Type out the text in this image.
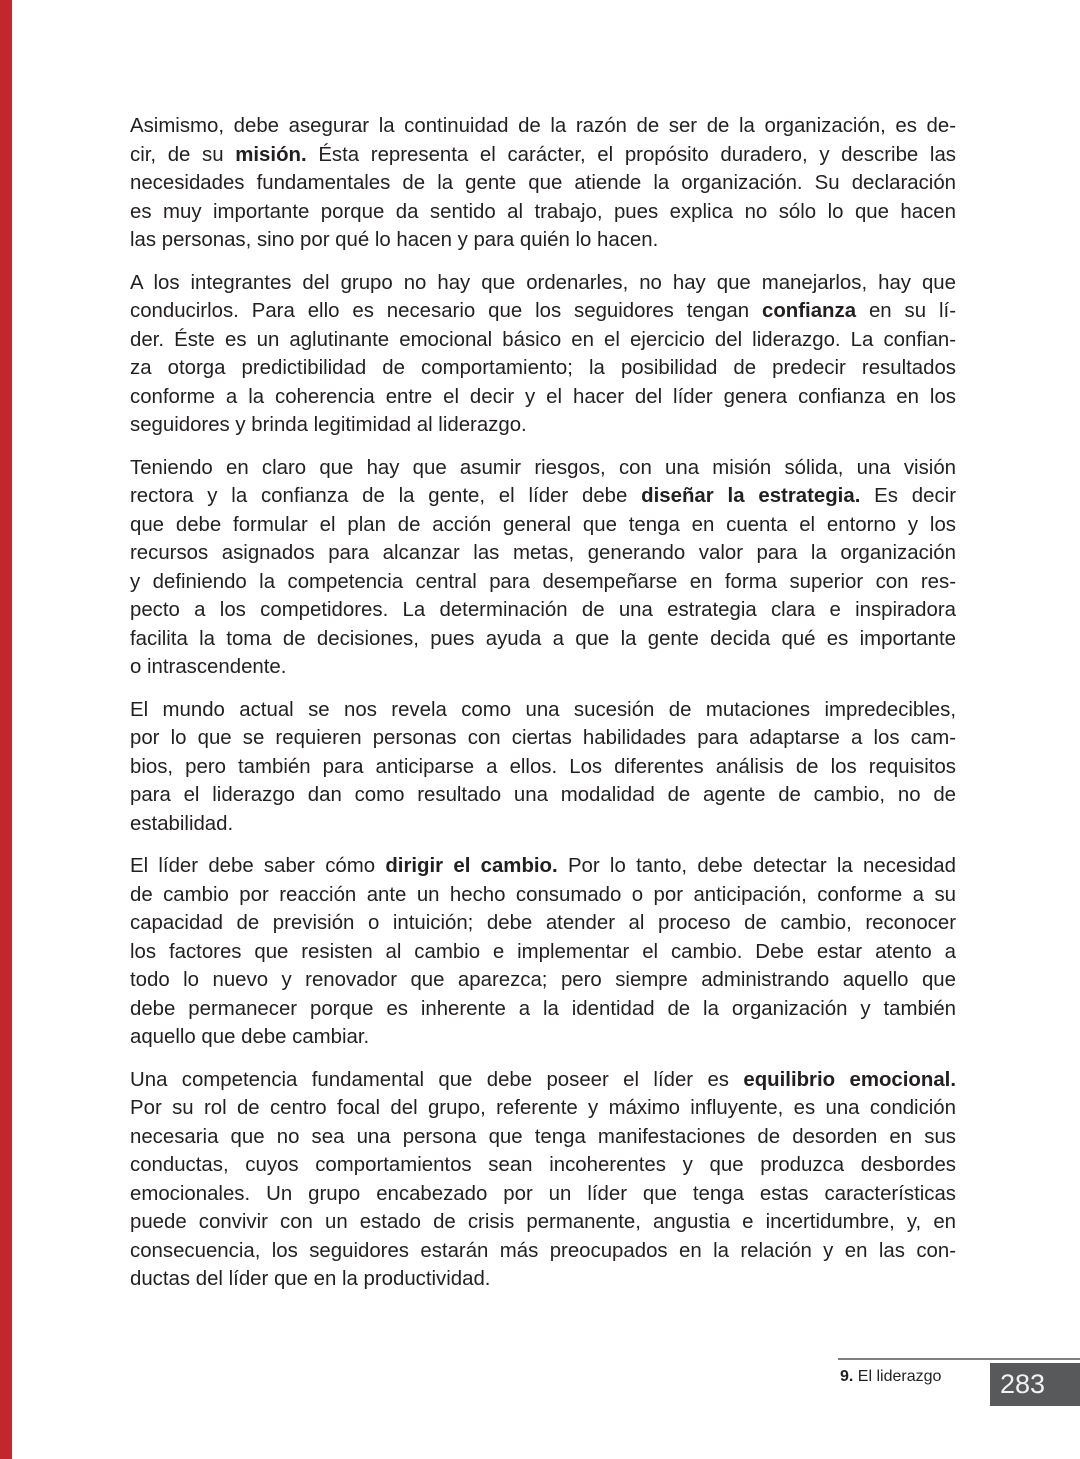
Asimismo, debe asegurar la continuidad de la razón de ser de la organización, es de-
cir, de su misión. Ésta representa el carácter, el propósito duradero, y describe las
necesidades fundamentales de la gente que atiende la organización. Su declaración
es muy importante porque da sentido al trabajo, pues explica no sólo lo que hacen
las personas, sino por qué lo hacen y para quién lo hacen.
A los integrantes del grupo no hay que ordenarles, no hay que manejarlos, hay que
conducirlos. Para ello es necesario que los seguidores tengan confianza en su lí-
der. Éste es un aglutinante emocional básico en el ejercicio del liderazgo. La confian-
za otorga predictibilidad de comportamiento; la posibilidad de predecir resultados
conforme a la coherencia entre el decir y el hacer del líder genera confianza en los
seguidores y brinda legitimidad al liderazgo.
Teniendo en claro que hay que asumir riesgos, con una misión sólida, una visión
rectora y la confianza de la gente, el líder debe diseñar la estrategia. Es decir
que debe formular el plan de acción general que tenga en cuenta el entorno y los
recursos asignados para alcanzar las metas, generando valor para la organización
y definiendo la competencia central para desempeñarse en forma superior con res-
pecto a los competidores. La determinación de una estrategia clara e inspiradora
facilita la toma de decisiones, pues ayuda a que la gente decida qué es importante
o intrascendente.
El mundo actual se nos revela como una sucesión de mutaciones impredecibles,
por lo que se requieren personas con ciertas habilidades para adaptarse a los cam-
bios, pero también para anticiparse a ellos. Los diferentes análisis de los requisitos
para el liderazgo dan como resultado una modalidad de agente de cambio, no de
estabilidad.
El líder debe saber cómo dirigir el cambio. Por lo tanto, debe detectar la necesidad
de cambio por reacción ante un hecho consumado o por anticipación, conforme a su
capacidad de previsión o intuición; debe atender al proceso de cambio, reconocer
los factores que resisten al cambio e implementar el cambio. Debe estar atento a
todo lo nuevo y renovador que aparezca; pero siempre administrando aquello que
debe permanecer porque es inherente a la identidad de la organización y también
aquello que debe cambiar.
Una competencia fundamental que debe poseer el líder es equilibrio emocional.
Por su rol de centro focal del grupo, referente y máximo influyente, es una condición
necesaria que no sea una persona que tenga manifestaciones de desorden en sus
conductas, cuyos comportamientos sean incoherentes y que produzca desbordes
emocionales. Un grupo encabezado por un líder que tenga estas características
puede convivir con un estado de crisis permanente, angustia e incertidumbre, y, en
consecuencia, los seguidores estarán más preocupados en la relación y en las con-
ductas del líder que en la productividad.
9. El liderazgo 283
